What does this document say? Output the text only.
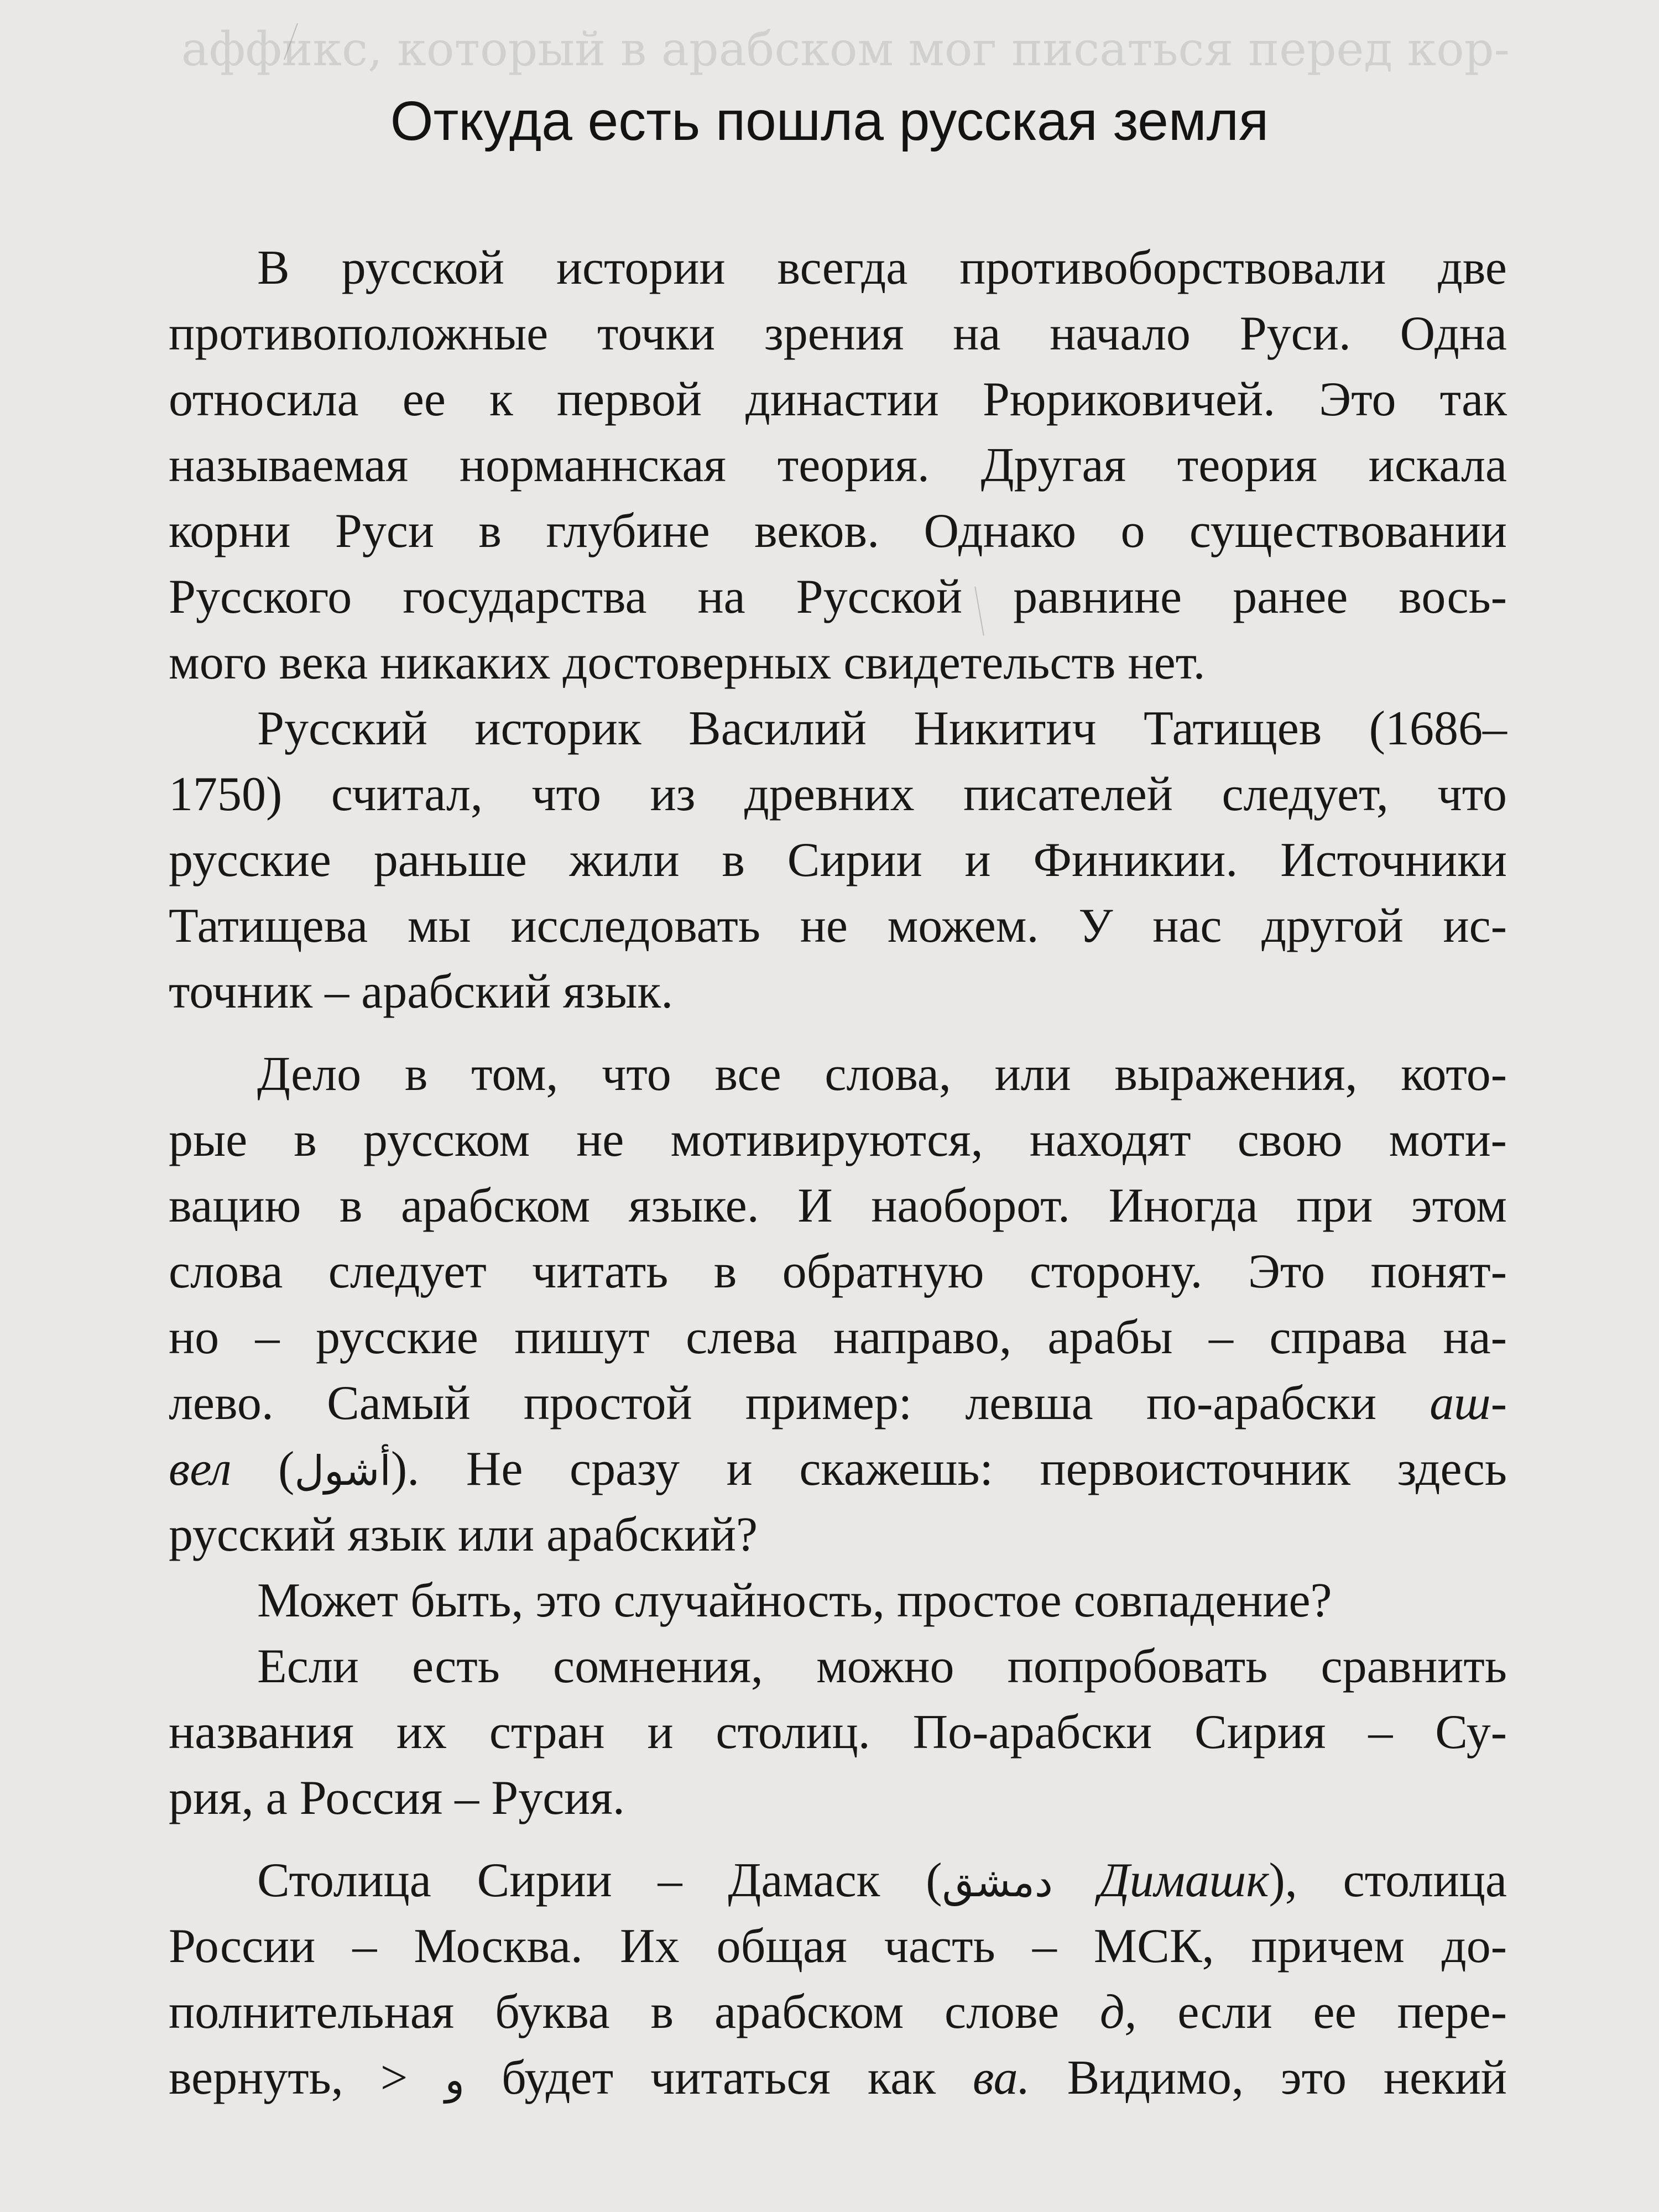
аффикс, который в арабском мог писаться перед кор-
Откуда есть пошла русская земля
В русской истории всегда противоборствовали две
противоположные точки зрения на начало Руси. Одна
относила ее к первой династии Рюриковичей. Это так
называемая норманнская теория. Другая теория искала
корни Руси в глубине веков. Однако о существовании
Русского государства на Русской равнине ранее вось-
мого века никаких достоверных свидетельств нет.
Русский историк Василий Никитич Татищев (1686–
1750) считал, что из древних писателей следует, что
русские раньше жили в Сирии и Финикии. Источники
Татищева мы исследовать не можем. У нас другой ис-
точник – арабский язык.
Дело в том, что все слова, или выражения, кото-
рые в русском не мотивируются, находят свою моти-
вацию в арабском языке. И наоборот. Иногда при этом
слова следует читать в обратную сторону. Это понят-
но – русские пишут слева направо, арабы – справа на-
лево. Самый простой пример: левша по-арабски аш-
вел (أشول). Не сразу и скажешь: первоисточник здесь
русский язык или арабский?
Может быть, это случайность, простое совпадение?
Если есть сомнения, можно попробовать сравнить
названия их стран и столиц. По-арабски Сирия – Су-
рия, а Россия – Русия.
Столица Сирии – Дамаск (دمشق Димашк), столица
России – Москва. Их общая часть – МСК, причем до-
полнительная буква в арабском слове д, если ее пере-
вернуть, > و будет читаться как ва. Видимо, это некий
